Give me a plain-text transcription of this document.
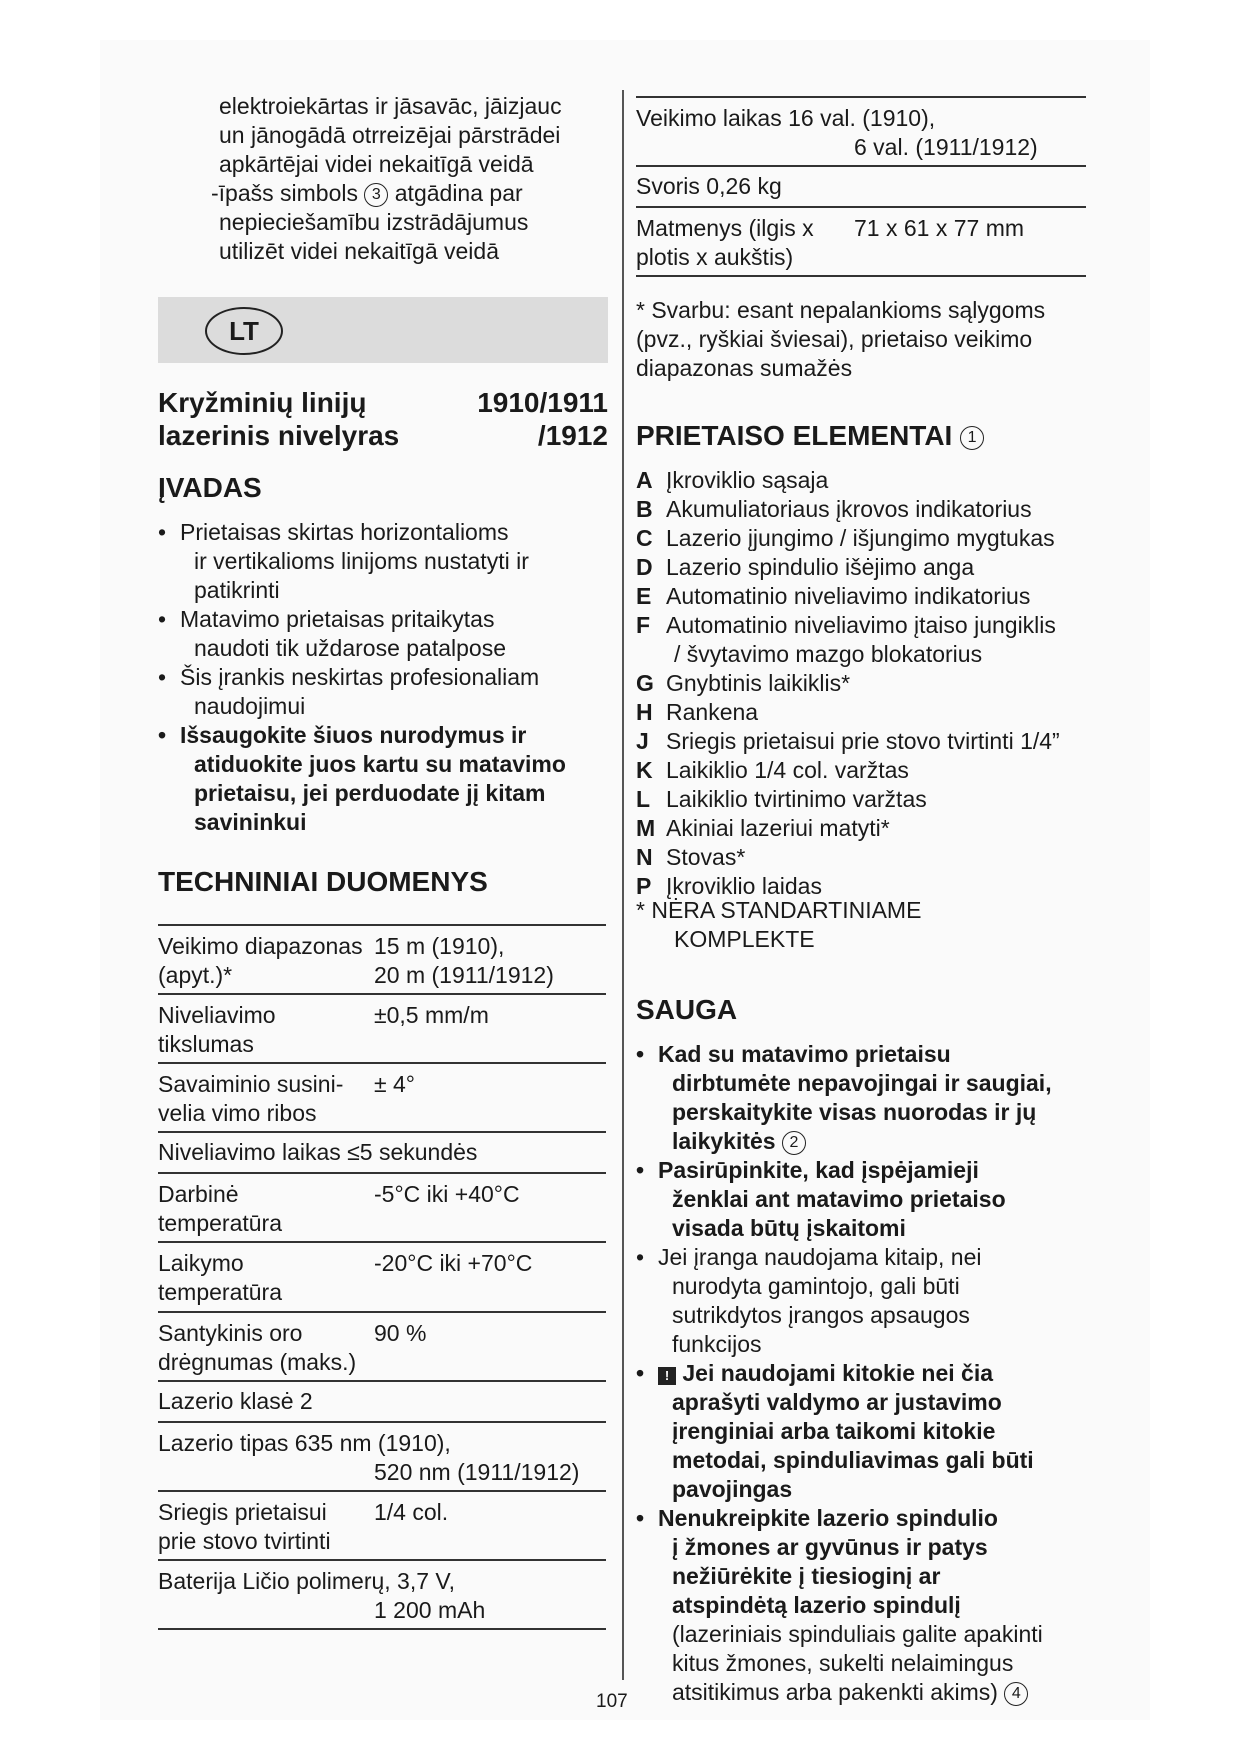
elektroiekārtas ir jāsavāc, jāizjauc
un jānogādā otrreizējai pārstrādei
apkārtējai videi nekaitīgā veidā
-īpašs simbols 3 atgādina par
nepieciešamību izstrādājumus
utilizēt videi nekaitīgā veidā
LT
Kryžminių linijų	1910/1911
lazerinis nivelyras	/1912
ĮVADAS
• Prietaisas skirtas horizontalioms
ir vertikalioms linijoms nustatyti ir
patikrinti
• Matavimo prietaisas pritaikytas
naudoti tik uždarose patalpose
• Šis įrankis neskirtas profesionaliam
naudojimui
• Išsaugokite šiuos nurodymus ir
atiduokite juos kartu su matavimo
prietaisu, jei perduodate jį kitam
savininkui
TECHNINIAI DUOMENYS
Veikimo diapazonas 15 m (1910),
(apyt.)*	20 m (1911/1912)
Niveliavimo	±0,5 mm/m
tikslumas
Savaiminio susini- ± 4°
velia vimo ribos
Niveliavimo laikas ≤5 sekundės
Darbinė	-5°C iki +40°C
temperatūra
Laikymo	-20°C iki +70°C
temperatūra
Santykinis oro	90 %
drėgnumas (maks.)
Lazerio klasė 2
Lazerio tipas 635 nm (1910),
520 nm (1911/1912)
Sriegis prietaisui 1/4 col.
prie stovo tvirtinti
Baterija Ličio polimerų, 3,7 V,
1 200 mAh
Veikimo laikas 16 val. (1910),
6 val. (1911/1912)
Svoris 0,26 kg
Matmenys (ilgis x 71 x 61 x 77 mm
plotis x aukštis)
* Svarbu: esant nepalankioms sąlygoms
(pvz., ryškiai šviesai), prietaiso veikimo
diapazonas sumažės
PRIETAISO ELEMENTAI 1
A Įkroviklio sąsaja
B Akumuliatoriaus įkrovos indikatorius
C Lazerio įjungimo / išjungimo mygtukas
D Lazerio spindulio išėjimo anga
E Automatinio niveliavimo indikatorius
F Automatinio niveliavimo įtaiso jungiklis
/ švytavimo mazgo blokatorius
G Gnybtinis laikiklis*
H Rankena
J Sriegis prietaisui prie stovo tvirtinti 1/4”
K Laikiklio 1/4 col. varžtas
L Laikiklio tvirtinimo varžtas
M Akiniai lazeriui matyti*
N Stovas*
P Įkroviklio laidas
* NĖRA STANDARTINIAME
KOMPLEKTE
SAUGA
• Kad su matavimo prietaisu
dirbtumėte nepavojingai ir saugiai,
perskaitykite visas nuorodas ir jų
laikykitės 2
• Pasirūpinkite, kad įspėjamieji
ženklai ant matavimo prietaiso
visada būtų įskaitomi
• Jei įranga naudojama kitaip, nei
nurodyta gamintojo, gali būti
sutrikdytos įrangos apsaugos
funkcijos
•	! Jei naudojami kitokie nei čia
aprašyti valdymo ar justavimo
įrenginiai arba taikomi kitokie
metodai, spinduliavimas gali būti
pavojingas
• Nenukreipkite lazerio spindulio
į žmones ar gyvūnus ir patys
nežiūrėkite į tiesioginį ar
atspindėtą lazerio spindulį
(lazeriniais spinduliais galite apakinti
kitus žmones, sukelti nelaimingus
atsitikimus arba pakenkti akims) 4
107
